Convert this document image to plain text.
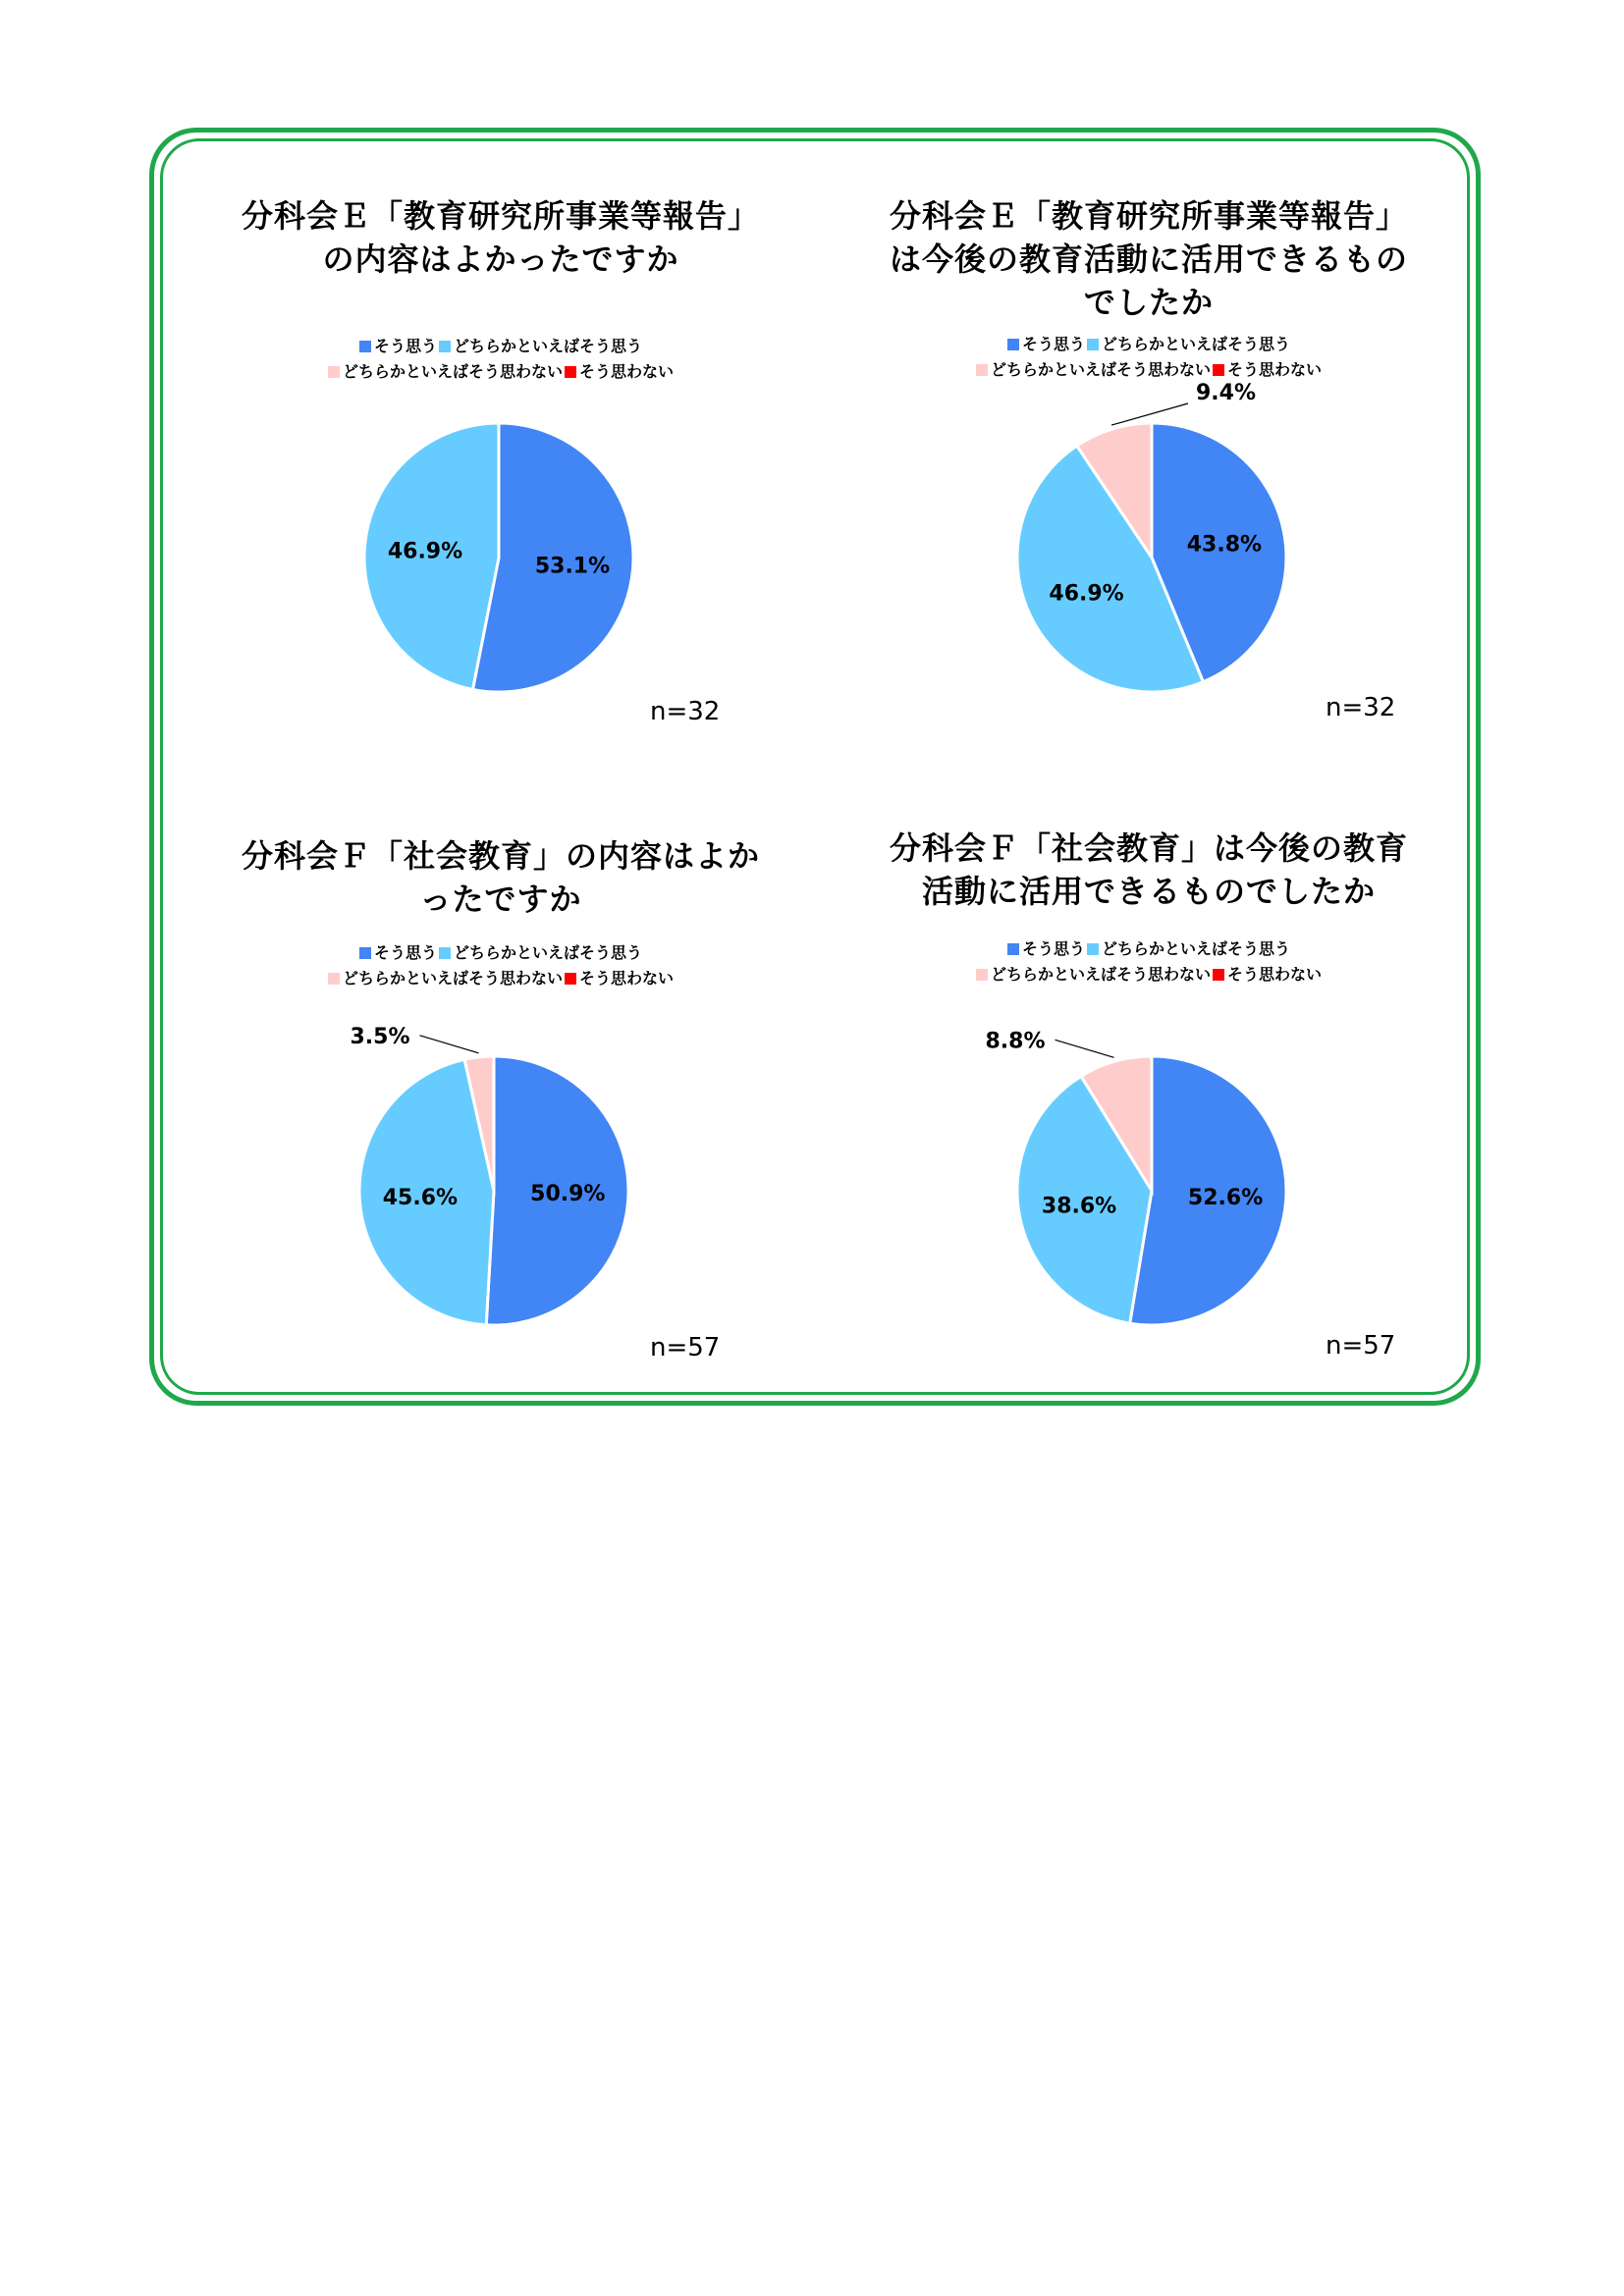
分科会Ｅ「教育研究所事業等報告」
の内容はよかったですか
そう思う どちらかといえばそう思う
どちらかといえばそう思わない そう思わない
53.1%
46.9%
n=32
分科会Ｅ「教育研究所事業等報告」
は今後の教育活動に活用できるもの
でしたか
そう思う どちらかといえばそう思う
どちらかといえばそう思わない そう思わない
43.8%
46.9%
9.4%
n=32
分科会Ｆ「社会教育」の内容はよか
ったですか
そう思う どちらかといえばそう思う
どちらかといえばそう思わない そう思わない
50.9%
45.6%
3.5%
n=57
分科会Ｆ「社会教育」は今後の教育
活動に活用できるものでしたか
そう思う どちらかといえばそう思う
どちらかといえばそう思わない そう思わない
52.6%
38.6%
8.8%
n=57
